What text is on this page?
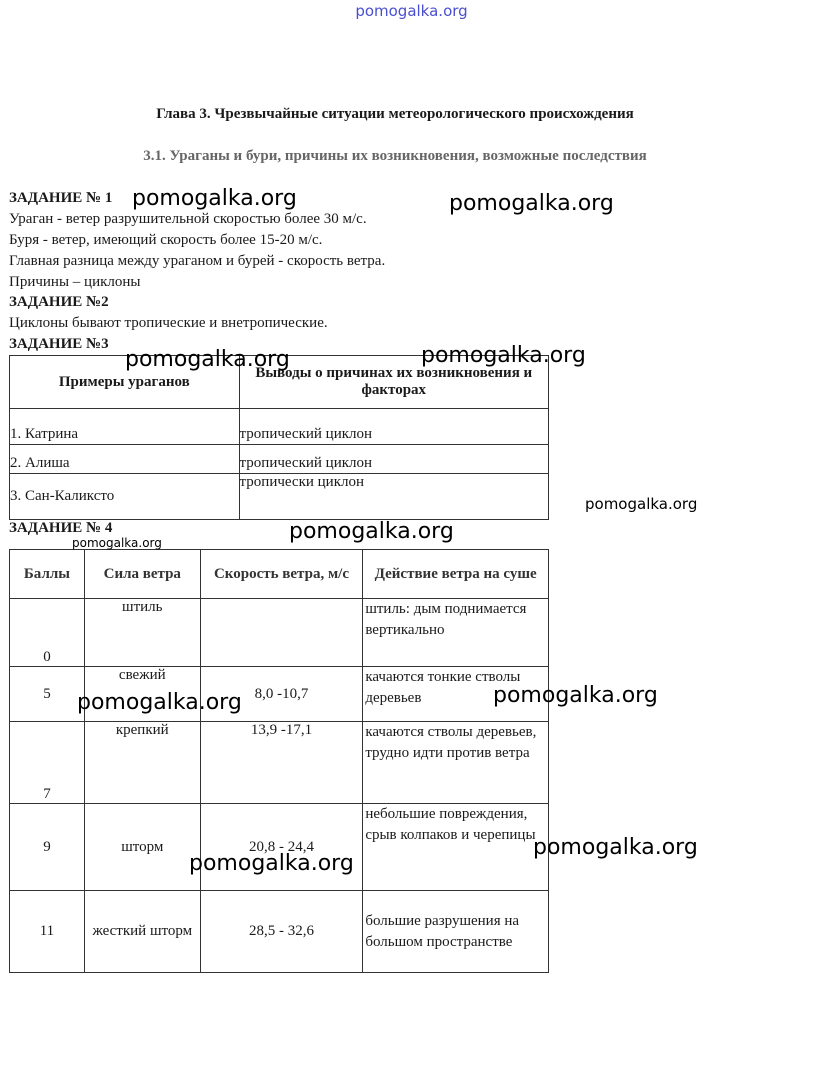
pomogalka.org
Глава 3. Чрезвычайные ситуации метеорологического происхождения
3.1. Ураганы и бури, причины их возникновения, возможные последствия
ЗАДАНИЕ № 1
Ураган - ветер разрушительной скоростью более 30 м/с.
Буря - ветер, имеющий скорость более 15-20 м/с.
Главная разница между ураганом и бурей - скорость ветра.
Причины – циклоны
ЗАДАНИЕ №2
Циклоны бывают тропические и внетропические.
ЗАДАНИЕ №3
Примеры ураганов	Выводы о причинах их возникновения и факторах
1. Катрина	тропический циклон
2. Алиша	тропический циклон
3. Сан-Каликсто	тропически циклон
ЗАДАНИЕ № 4
Баллы	Сила ветра	Скорость ветра, м/с	Действие ветра на суше
0	штиль		штиль: дым поднимается вертикально
5	свежий	8,0 -10,7	качаются тонкие стволы деревьев
7	крепкий	13,9 -17,1	качаются стволы деревьев, трудно идти против ветра
9	шторм	20,8 - 24,4	небольшие повреждения, срыв колпаков и черепицы
11	жесткий шторм	28,5 - 32,6	большие разрушения на большом пространстве
pomogalka.org	pomogalka.org
pomogalka.org
pomogalka.org
pomogalka.org
pomogalka.org
pomogalka.org
pomogalka.org
pomogalka.org
pomogalka.org
pomogalka.org
